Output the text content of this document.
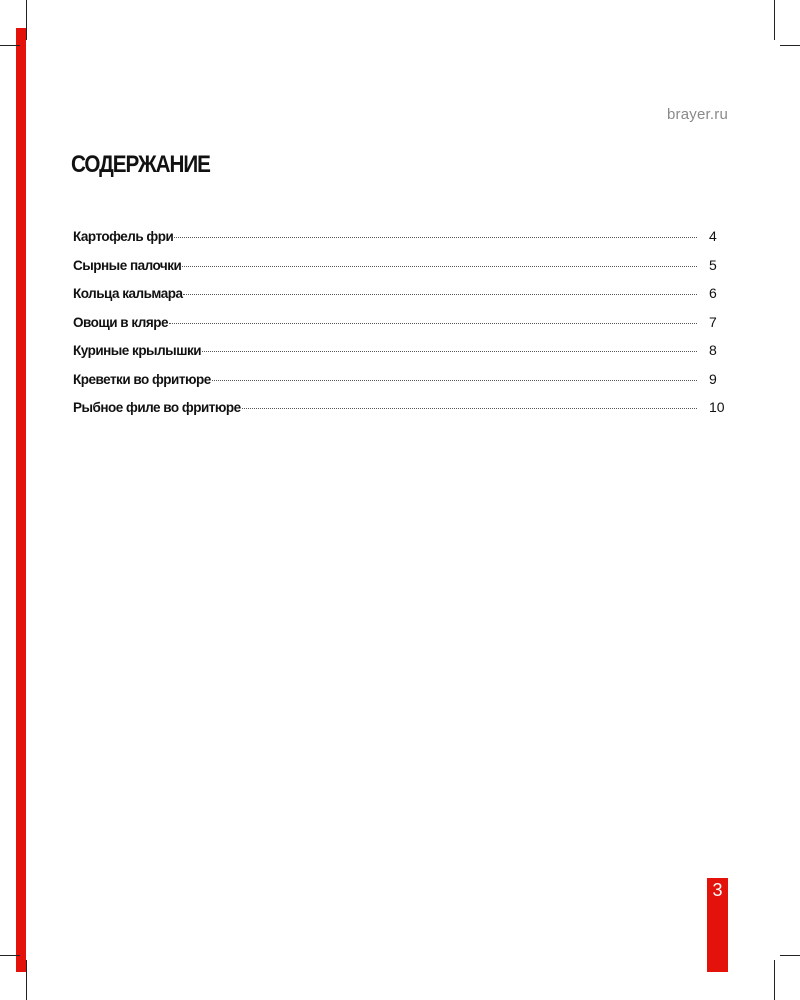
brayer.ru
СОДЕРЖАНИЕ
Картофель фри	4
Сырные палочки	5
Кольца кальмара	6
Овощи в кляре	7
Куриные крылышки	8
Креветки во фритюре	9
Рыбное филе во фритюре	10
3
